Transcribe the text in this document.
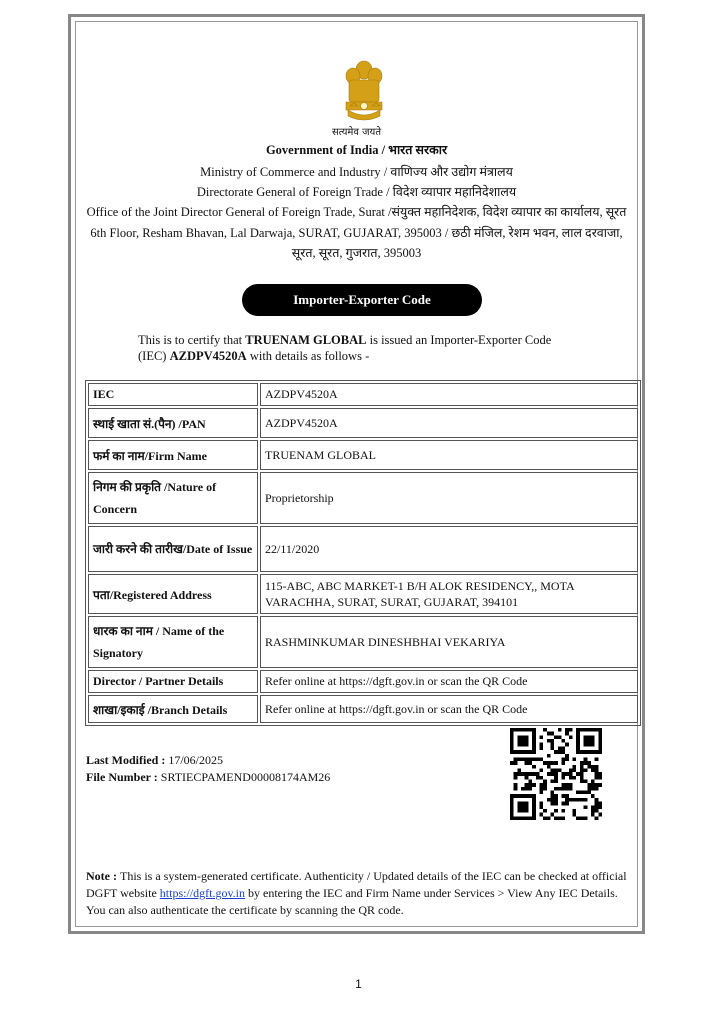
सत्यमेव जयते
Government of India / भारत सरकार
Ministry of Commerce and Industry / वाणिज्य और उद्योग मंत्रालय
Directorate General of Foreign Trade / विदेश व्यापार महानिदेशालय
Office of the Joint Director General of Foreign Trade, Surat /संयुक्त महानिदेशक, विदेश व्यापार का कार्यालय, सूरत
6th Floor, Resham Bhavan, Lal Darwaja, SURAT, GUJARAT, 395003 / छठी मंजिल, रेशम भवन, लाल दरवाजा,
सूरत, सूरत, गुजरात, 395003
Importer-Exporter Code
This is to certify that TRUENAM GLOBAL is issued an Importer-Exporter Code
(IEC) AZDPV4520A with details as follows -
IEC	AZDPV4520A
स्थाई खाता सं.(पैन) /PAN	AZDPV4520A
फर्म का नाम/Firm Name	TRUENAM GLOBAL
निगम की प्रकृति /Nature of Concern	Proprietorship
जारी करने की तारीख/Date of Issue	22/11/2020
पता/Registered Address	115-ABC, ABC MARKET-1 B/H ALOK RESIDENCY,, MOTA VARACHHA, SURAT, SURAT, GUJARAT, 394101
धारक का नाम / Name of the Signatory	RASHMINKUMAR DINESHBHAI VEKARIYA
Director / Partner Details	Refer online at https://dgft.gov.in or scan the QR Code
शाखा/इकाई /Branch Details	Refer online at https://dgft.gov.in or scan the QR Code
Last Modified : 17/06/2025
File Number : SRTIECPAMEND00008174AM26
Note : This is a system-generated certificate. Authenticity / Updated details of the IEC can be checked at official DGFT website https://dgft.gov.in by entering the IEC and Firm Name under Services > View Any IEC Details. You can also authenticate the certificate by scanning the QR code.
1
